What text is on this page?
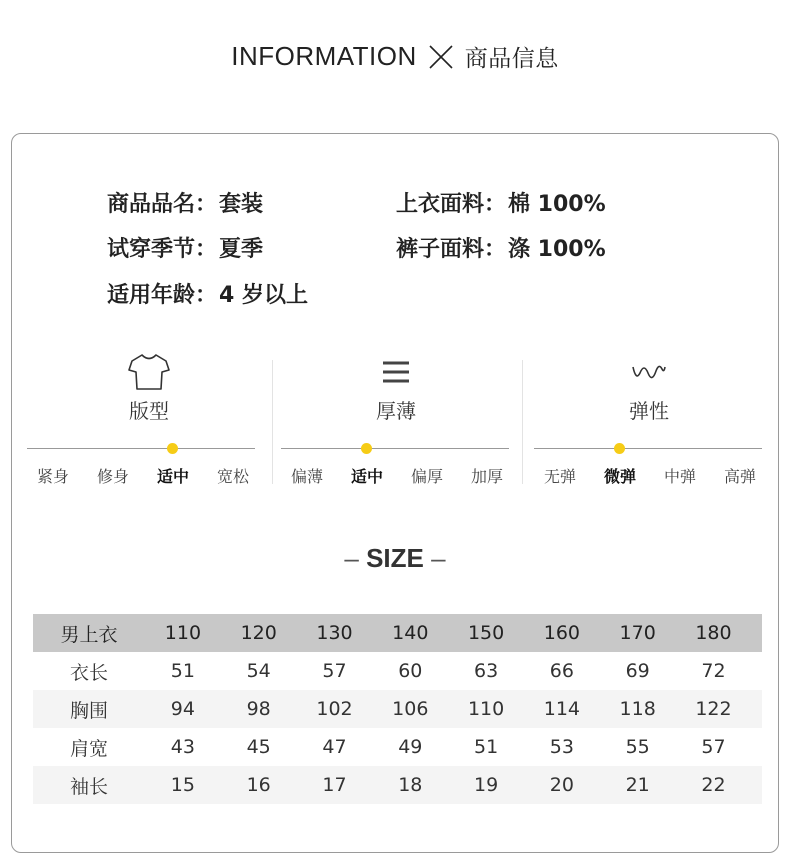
INFORMATION 商品信息
商品品名：套装	上衣面料：棉 100%
试穿季节：夏季	裤子面料：涤 100%
适用年龄：4 岁以上
版型
紧身	修身	适中	宽松
厚薄
偏薄	适中	偏厚	加厚
弹性
无弹	微弹	中弹	高弹
– SIZE –
男上衣	110	120	130	140	150	160	170	180
衣长	51	54	57	60	63	66	69	72
胸围	94	98	102	106	110	114	118	122
肩宽	43	45	47	49	51	53	55	57
袖长	15	16	17	18	19	20	21	22
